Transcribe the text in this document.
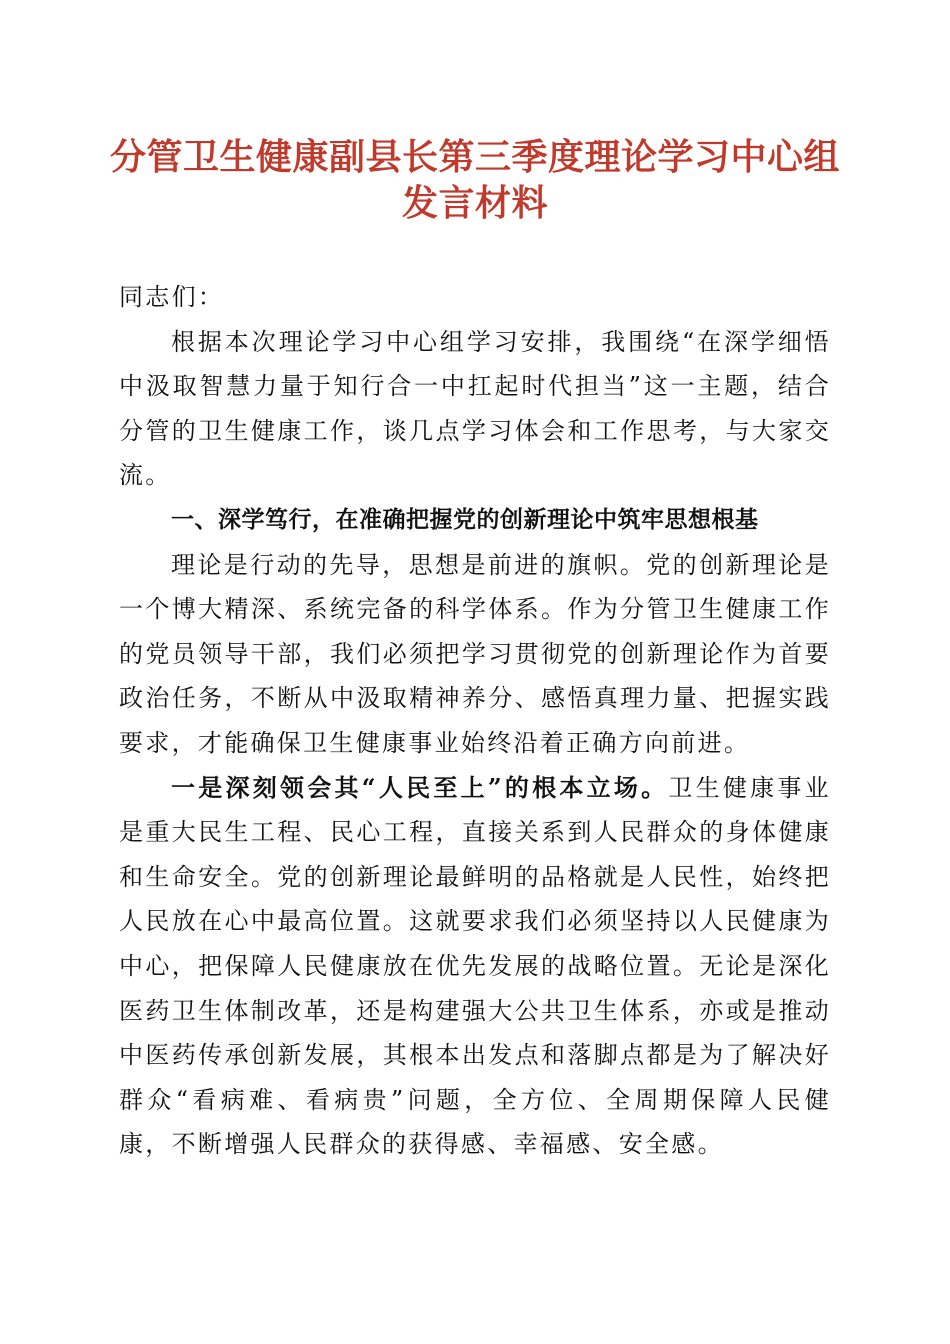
分管卫生健康副县长第三季度理论学习中心组
发言材料

同志们：

根据本次理论学习中心组学习安排，我围绕“在深学细悟中汲取智慧力量于知行合一中扛起时代担当”这一主题，结合分管的卫生健康工作，谈几点学习体会和工作思考，与大家交流。

一、深学笃行，在准确把握党的创新理论中筑牢思想根基

理论是行动的先导，思想是前进的旗帜。党的创新理论是一个博大精深、系统完备的科学体系。作为分管卫生健康工作的党员领导干部，我们必须把学习贯彻党的创新理论作为首要政治任务，不断从中汲取精神养分、感悟真理力量、把握实践要求，才能确保卫生健康事业始终沿着正确方向前进。

一是深刻领会其“人民至上”的根本立场。卫生健康事业是重大民生工程、民心工程，直接关系到人民群众的身体健康和生命安全。党的创新理论最鲜明的品格就是人民性，始终把人民放在心中最高位置。这就要求我们必须坚持以人民健康为中心，把保障人民健康放在优先发展的战略位置。无论是深化医药卫生体制改革，还是构建强大公共卫生体系，亦或是推动中医药传承创新发展，其根本出发点和落脚点都是为了解决好群众“看病难、看病贵”问题，全方位、全周期保障人民健康，不断增强人民群众的获得感、幸福感、安全感。
